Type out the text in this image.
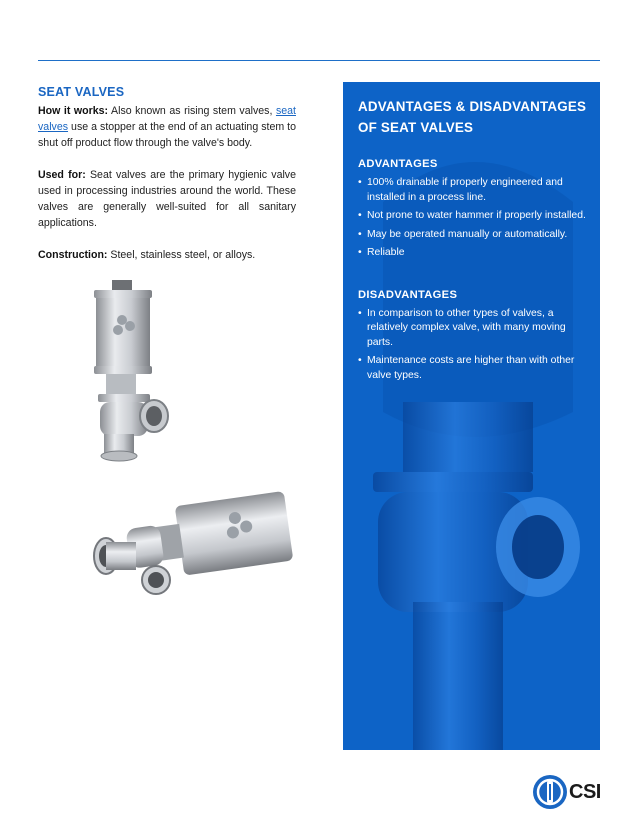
SEAT VALVES

How it works: Also known as rising stem valves, seat valves use a stopper at the end of an actuating stem to shut off product flow through the valve's body.

Used for: Seat valves are the primary hygienic valve used in processing industries around the world. These valves are generally well-suited for all sanitary applications.

Construction: Steel, stainless steel, or alloys.

ADVANTAGES & DISADVANTAGES
OF SEAT VALVES
ADVANTAGES
• 100% drainable if properly engineered and installed in a process line.
• Not prone to water hammer if properly installed.
• May be operated manually or automatically.
• Reliable
DISADVANTAGES
• In comparison to other types of valves, a relatively complex valve, with many moving parts.
• Maintenance costs are higher than with other valve types.
CSI
